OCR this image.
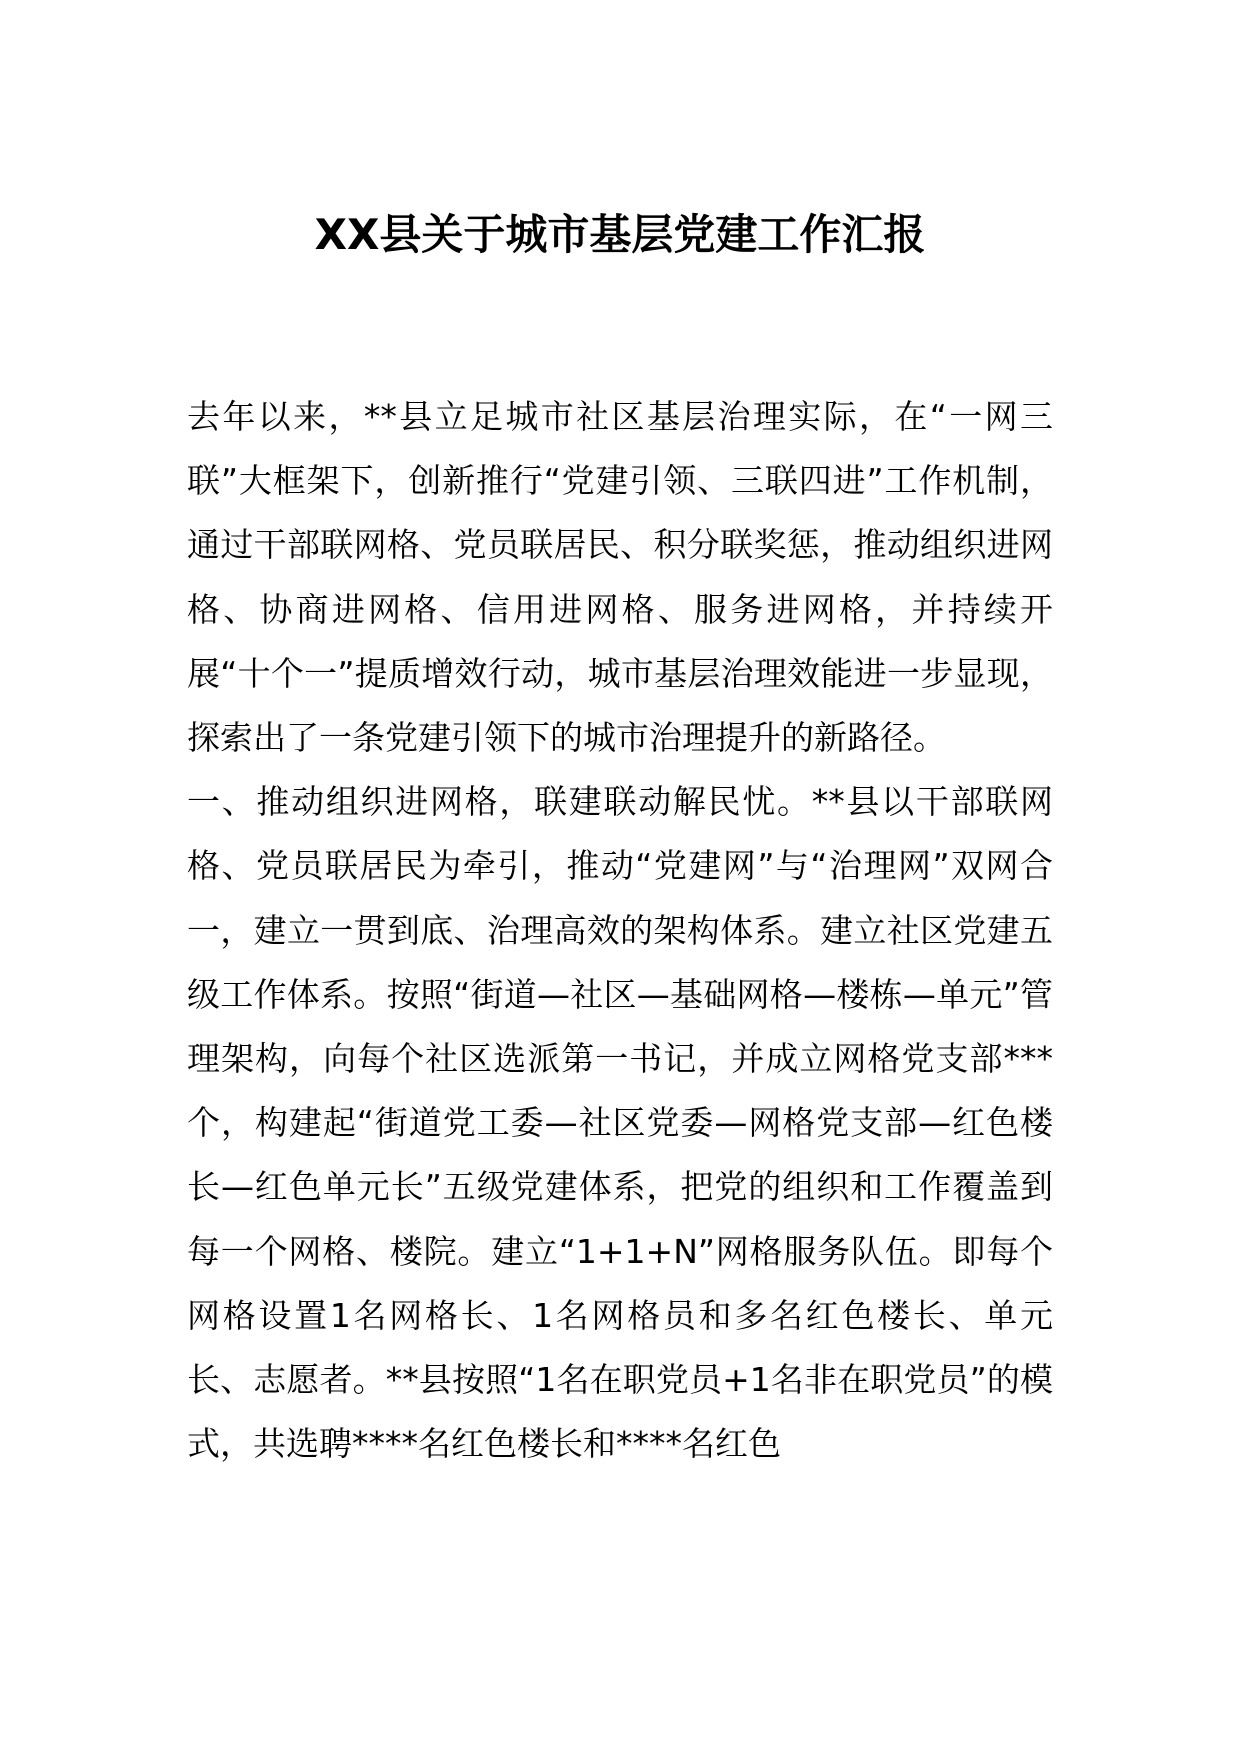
XX县关于城市基层党建工作汇报

去年以来，**县立足城市社区基层治理实际，在“一网三联”大框架下，创新推行“党建引领、三联四进”工作机制，通过干部联网格、党员联居民、积分联奖惩，推动组织进网格、协商进网格、信用进网格、服务进网格，并持续开展“十个一”提质增效行动，城市基层治理效能进一步显现，探索出了一条党建引领下的城市治理提升的新路径。

一、推动组织进网格，联建联动解民忧。**县以干部联网格、党员联居民为牵引，推动“党建网”与“治理网”双网合一，建立一贯到底、治理高效的架构体系。建立社区党建五级工作体系。按照“街道—社区—基础网格—楼栋—单元”管理架构，向每个社区选派第一书记，并成立网格党支部***个，构建起“街道党工委—社区党委—网格党支部—红色楼长—红色单元长”五级党建体系，把党的组织和工作覆盖到每一个网格、楼院。建立“1+1+N”网格服务队伍。即每个网格设置1名网格长、1名网格员和多名红色楼长、单元长、志愿者。**县按照“1名在职党员+1名非在职党员”的模式，共选聘****名红色楼长和****名红色
